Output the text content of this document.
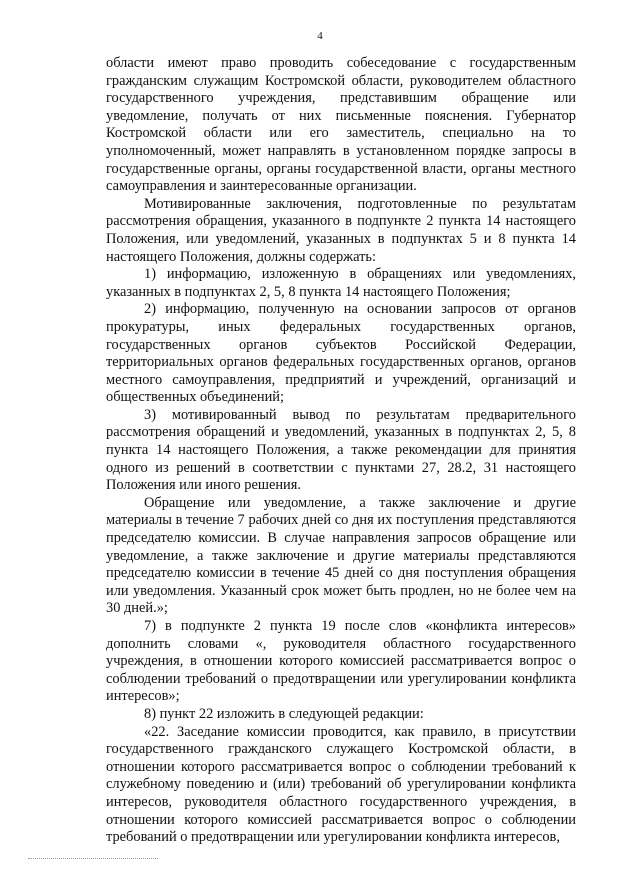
4

области имеют право проводить собеседование с государственным гражданским служащим Костромской области, руководителем областного государственного учреждения, представившим обращение или уведомление, получать от них письменные пояснения. Губернатор Костромской области или его заместитель, специально на то уполномоченный, может направлять в установленном порядке запросы в государственные органы, органы государственной власти, органы местного самоуправления и заинтересованные организации.

Мотивированные заключения, подготовленные по результатам рассмотрения обращения, указанного в подпункте 2 пункта 14 настоящего Положения, или уведомлений, указанных в подпунктах 5 и 8 пункта 14 настоящего Положения, должны содержать:

1) информацию, изложенную в обращениях или уведомлениях, указанных в подпунктах 2, 5, 8 пункта 14 настоящего Положения;

2) информацию, полученную на основании запросов от органов прокуратуры, иных федеральных государственных органов, государственных органов субъектов Российской Федерации, территориальных органов федеральных государственных органов, органов местного самоуправления, предприятий и учреждений, организаций и общественных объединений;

3) мотивированный вывод по результатам предварительного рассмотрения обращений и уведомлений, указанных в подпунктах 2, 5, 8 пункта 14 настоящего Положения, а также рекомендации для принятия одного из решений в соответствии с пунктами 27, 28.2, 31 настоящего Положения или иного решения.

Обращение или уведомление, а также заключение и другие материалы в течение 7 рабочих дней со дня их поступления представляются председателю комиссии. В случае направления запросов обращение или уведомление, а также заключение и другие материалы представляются председателю комиссии в течение 45 дней со дня поступления обращения или уведомления. Указанный срок может быть продлен, но не более чем на 30 дней.»;

7) в подпункте 2 пункта 19 после слов «конфликта интересов» дополнить словами «, руководителя областного государственного учреждения, в отношении которого комиссией рассматривается вопрос о соблюдении требований о предотвращении или урегулировании конфликта интересов»;

8) пункт 22 изложить в следующей редакции:

«22. Заседание комиссии проводится, как правило, в присутствии государственного гражданского служащего Костромской области, в отношении которого рассматривается вопрос о соблюдении требований к служебному поведению и (или) требований об урегулировании конфликта интересов, руководителя областного государственного учреждения, в отношении которого комиссией рассматривается вопрос о соблюдении требований о предотвращении или урегулировании конфликта интересов,
